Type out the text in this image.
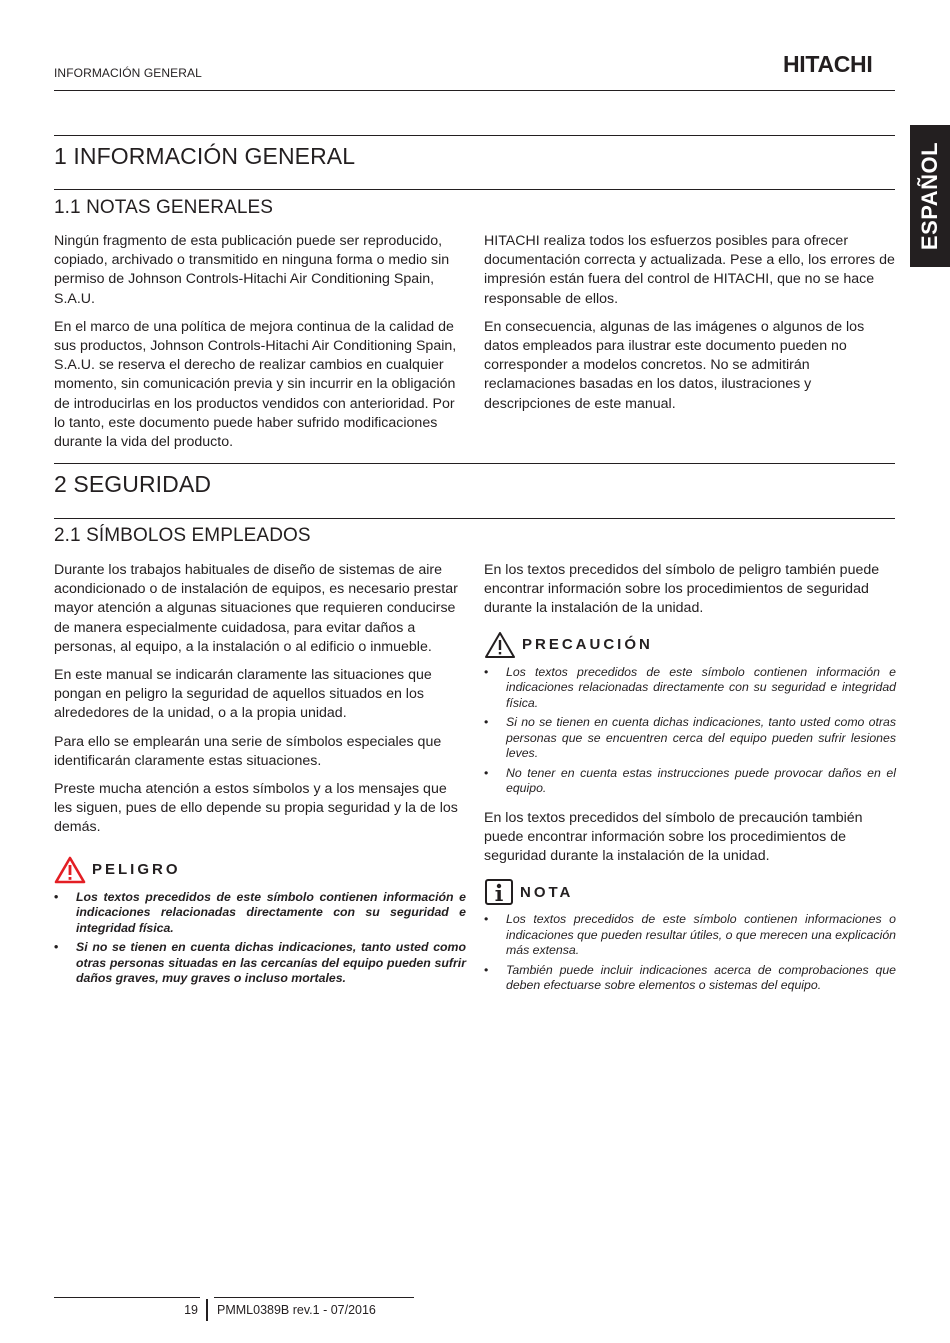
INFORMACIÓN GENERAL	HITACHI
ESPAÑOL
1 INFORMACIÓN GENERAL
1.1 NOTAS GENERALES

Ningún fragmento de esta publicación puede ser reproducido, copiado, archivado o transmitido en ninguna forma o medio sin permiso de Johnson Controls-Hitachi Air Conditioning Spain, S.A.U.

En el marco de una política de mejora continua de la calidad de sus productos, Johnson Controls-Hitachi Air Conditioning Spain, S.A.U. se reserva el derecho de realizar cambios en cualquier momento, sin comunicación previa y sin incurrir en la obligación de introducirlas en los productos vendidos con anterioridad. Por lo tanto, este documento puede haber sufrido modificaciones durante la vida del producto.

HITACHI realiza todos los esfuerzos posibles para ofrecer documentación correcta y actualizada. Pese a ello, los errores de impresión están fuera del control de HITACHI, que no se hace responsable de ellos.

En consecuencia, algunas de las imágenes o algunos de los datos empleados para ilustrar este documento pueden no corresponder a modelos concretos. No se admitirán reclamaciones basadas en los datos, ilustraciones y descripciones de este manual.

2 SEGURIDAD
2.1 SÍMBOLOS EMPLEADOS

Durante los trabajos habituales de diseño de sistemas de aire acondicionado o de instalación de equipos, es necesario prestar mayor atención a algunas situaciones que requieren conducirse de manera especialmente cuidadosa, para evitar daños a personas, al equipo, a la instalación o al edificio o inmueble.

En este manual se indicarán claramente las situaciones que pongan en peligro la seguridad de aquellos situados en los alrededores de la unidad, o a la propia unidad.

Para ello se emplearán una serie de símbolos especiales que identificarán claramente estas situaciones.

Preste mucha atención a estos símbolos y a los mensajes que les siguen, pues de ello depende su propia seguridad y la de los demás.

PELIGRO
• Los textos precedidos de este símbolo contienen información e indicaciones relacionadas directamente con su seguridad e integridad física.
• Si no se tienen en cuenta dichas indicaciones, tanto usted como otras personas situadas en las cercanías del equipo pueden sufrir daños graves, muy graves o incluso mortales.

En los textos precedidos del símbolo de peligro también puede encontrar información sobre los procedimientos de seguridad durante la instalación de la unidad.

PRECAUCIÓN
• Los textos precedidos de este símbolo contienen información e indicaciones relacionadas directamente con su seguridad e integridad física.
• Si no se tienen en cuenta dichas indicaciones, tanto usted como otras personas que se encuentren cerca del equipo pueden sufrir lesiones leves.
• No tener en cuenta estas instrucciones puede provocar daños en el equipo.

En los textos precedidos del símbolo de precaución también puede encontrar información sobre los procedimientos de seguridad durante la instalación de la unidad.

NOTA
• Los textos precedidos de este símbolo contienen informaciones o indicaciones que pueden resultar útiles, o que merecen una explicación más extensa.
• También puede incluir indicaciones acerca de comprobaciones que deben efectuarse sobre elementos o sistemas del equipo.
19 PMML0389B rev.1 - 07/2016
